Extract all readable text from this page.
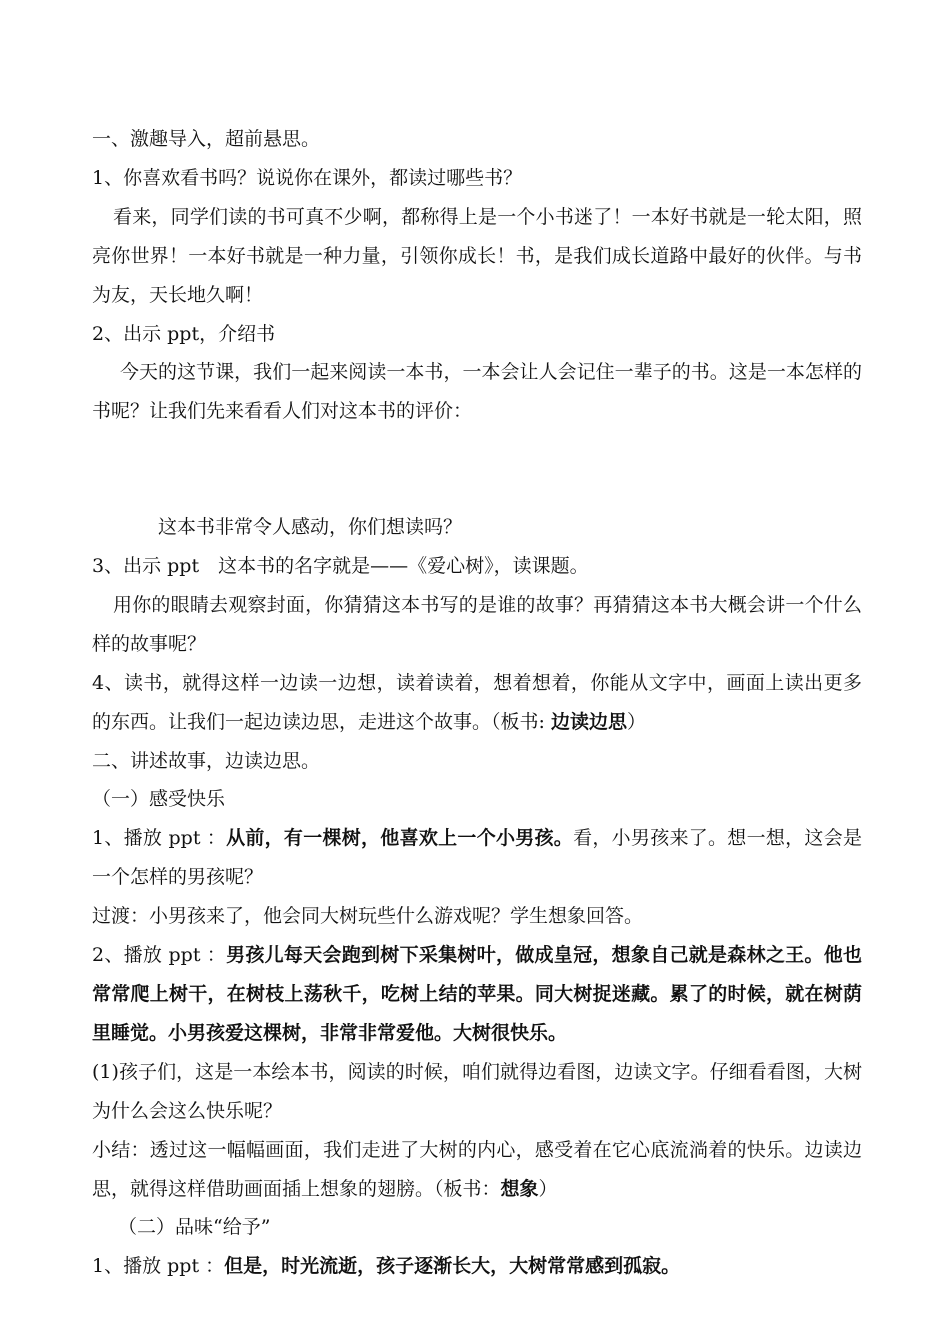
一、激趣导入，超前悬思。

1、你喜欢看书吗？说说你在课外，都读过哪些书？

看来，同学们读的书可真不少啊，都称得上是一个小书迷了！一本好书就是一轮太阳，照亮你世界！一本好书就是一种力量，引领你成长！书，是我们成长道路中最好的伙伴。与书为友，天长地久啊！

2、出示 ppt，介绍书

今天的这节课，我们一起来阅读一本书，一本会让人会记住一辈子的书。这是一本怎样的书呢？让我们先来看看人们对这本书的评价：

这本书非常令人感动，你们想读吗？

3、出示 ppt　这本书的名字就是——《爱心树》，读课题。

用你的眼睛去观察封面，你猜猜这本书写的是谁的故事？再猜猜这本书大概会讲一个什么样的故事呢？

4、读书，就得这样一边读一边想，读着读着，想着想着，你能从文字中，画面上读出更多的东西。让我们一起边读边思，走进这个故事。（板书: 边读边思）

二、讲述故事，边读边思。

（一）感受快乐

1、播放 ppt ：从前，有一棵树，他喜欢上一个小男孩。看，小男孩来了。想一想，这会是一个怎样的男孩呢？

过渡：小男孩来了，他会同大树玩些什么游戏呢？学生想象回答。

2、播放 ppt ：男孩儿每天会跑到树下采集树叶，做成皇冠，想象自己就是森林之王。他也常常爬上树干，在树枝上荡秋千，吃树上结的苹果。同大树捉迷藏。累了的时候，就在树荫里睡觉。小男孩爱这棵树，非常非常爱他。大树很快乐。

(1)孩子们，这是一本绘本书，阅读的时候，咱们就得边看图，边读文字。仔细看看图，大树为什么会这么快乐呢？

小结：透过这一幅幅画面，我们走进了大树的内心，感受着在它心底流淌着的快乐。边读边思，就得这样借助画面插上想象的翅膀。（板书：想象）

（二）品味“给予”

1、播放 ppt ：但是，时光流逝，孩子逐渐长大，大树常常感到孤寂。
